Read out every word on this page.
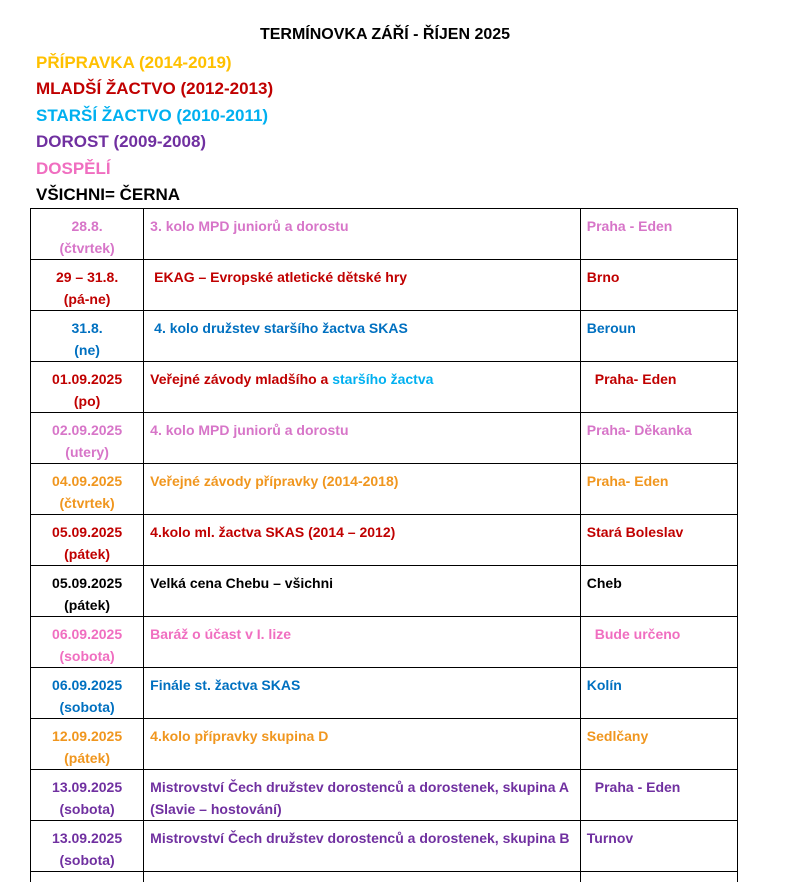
TERMÍNOVKA ZÁŘÍ - ŘÍJEN 2025
PŘÍPRAVKA (2014-2019)
MLADŠÍ ŽACTVO (2012-2013)
STARŠÍ ŽACTVO (2010-2011)
DOROST (2009-2008)
DOSPĚLÍ
VŠICHNI= ČERNA
28.8.
(čtvrtek)	3. kolo MPD juniorů a dorostu	Praha - Eden

29 – 31.8.
(pá-ne)	EKAG – Evropské atletické dětské hry	Brno

31.8.
(ne)	4. kolo družstev staršího žactva SKAS	Beroun

01.09.2025
(po)	Veřejné závody mladšího a staršího žactva	Praha- Eden

02.09.2025
(utery)	4. kolo MPD juniorů a dorostu	Praha- Děkanka

04.09.2025
(čtvrtek)	Veřejné závody přípravky (2014-2018)	Praha- Eden

05.09.2025
(pátek)	4.kolo ml. žactva SKAS (2014 – 2012)	Stará Boleslav

05.09.2025
(pátek)	Velká cena Chebu – všichni	Cheb

06.09.2025
(sobota)	Baráž o účast v I. lize	Bude určeno

06.09.2025
(sobota)	Finále st. žactva SKAS	Kolín

12.09.2025
(pátek)	4.kolo přípravky skupina D	Sedlčany

13.09.2025
(sobota)	Mistrovství Čech družstev dorostenců a dorostenek, skupina A (Slavie – hostování)	Praha - Eden

13.09.2025
(sobota)	Mistrovství Čech družstev dorostenců a dorostenek, skupina B	Turnov
